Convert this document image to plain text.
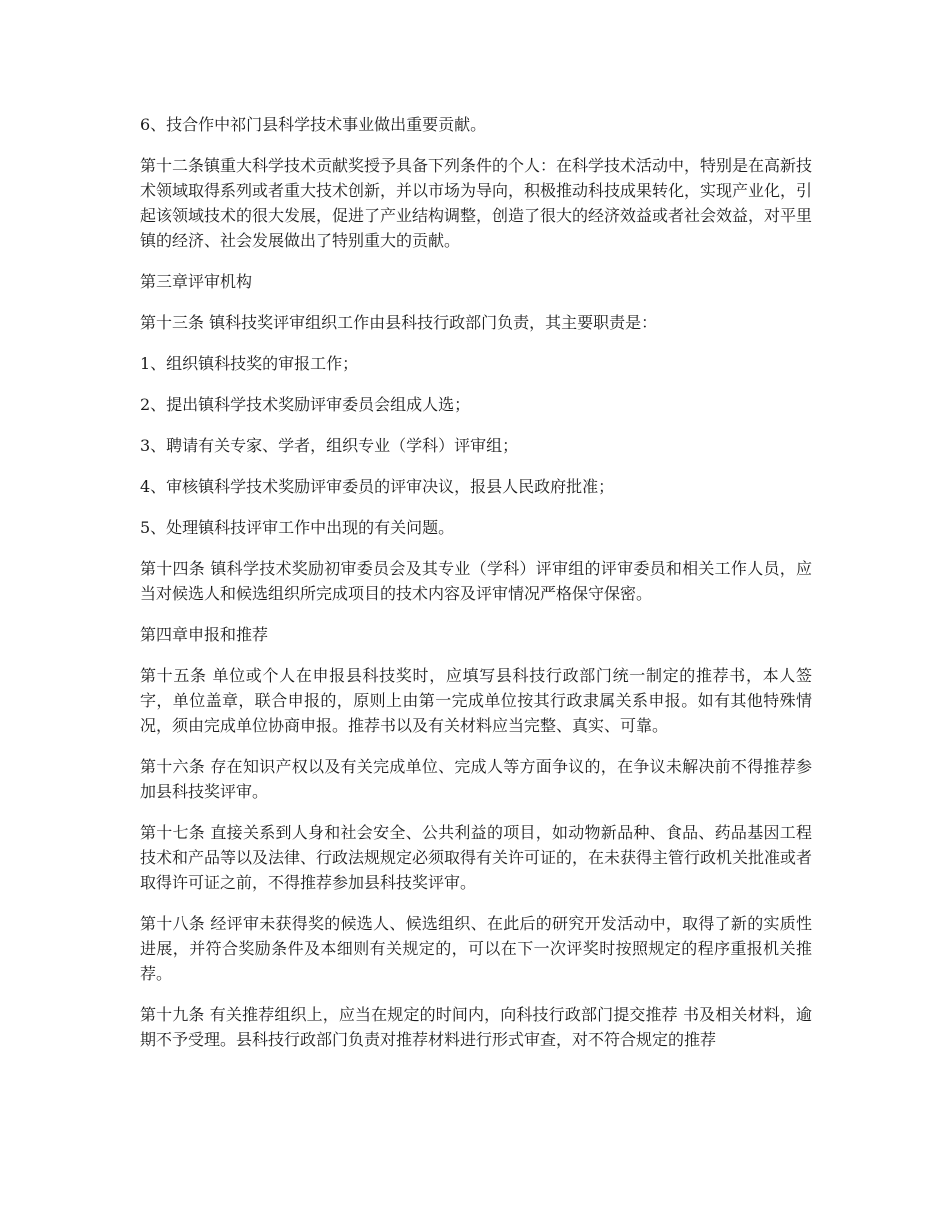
6、技合作中祁门县科学技术事业做出重要贡献。

第十二条镇重大科学技术贡献奖授予具备下列条件的个人：在科学技术活动中，特别是在高新技术领域取得系列或者重大技术创新，并以市场为导向，积极推动科技成果转化，实现产业化，引起该领域技术的很大发展，促进了产业结构调整，创造了很大的经济效益或者社会效益，对平里镇的经济、社会发展做出了特别重大的贡献。

第三章评审机构

第十三条 镇科技奖评审组织工作由县科技行政部门负责，其主要职责是：

1、组织镇科技奖的审报工作；

2、提出镇科学技术奖励评审委员会组成人选；

3、聘请有关专家、学者，组织专业（学科）评审组；

4、审核镇科学技术奖励评审委员的评审决议，报县人民政府批准；

5、处理镇科技评审工作中出现的有关问题。

第十四条 镇科学技术奖励初审委员会及其专业（学科）评审组的评审委员和相关工作人员，应当对候选人和候选组织所完成项目的技术内容及评审情况严格保守保密。

第四章申报和推荐

第十五条 单位或个人在申报县科技奖时，应填写县科技行政部门统一制定的推荐书，本人签字，单位盖章，联合申报的，原则上由第一完成单位按其行政隶属关系申报。如有其他特殊情况，须由完成单位协商申报。推荐书以及有关材料应当完整、真实、可靠。

第十六条 存在知识产权以及有关完成单位、完成人等方面争议的，在争议未解决前不得推荐参加县科技奖评审。

第十七条 直接关系到人身和社会安全、公共利益的项目，如动物新品种、食品、药品基因工程技术和产品等以及法律、行政法规规定必须取得有关许可证的，在未获得主管行政机关批准或者取得许可证之前，不得推荐参加县科技奖评审。

第十八条 经评审未获得奖的候选人、候选组织、在此后的研究开发活动中，取得了新的实质性进展，并符合奖励条件及本细则有关规定的，可以在下一次评奖时按照规定的程序重报机关推荐。

第十九条 有关推荐组织上，应当在规定的时间内，向科技行政部门提交推荐 书及相关材料，逾期不予受理。县科技行政部门负责对推荐材料进行形式审查，对不符合规定的推荐
